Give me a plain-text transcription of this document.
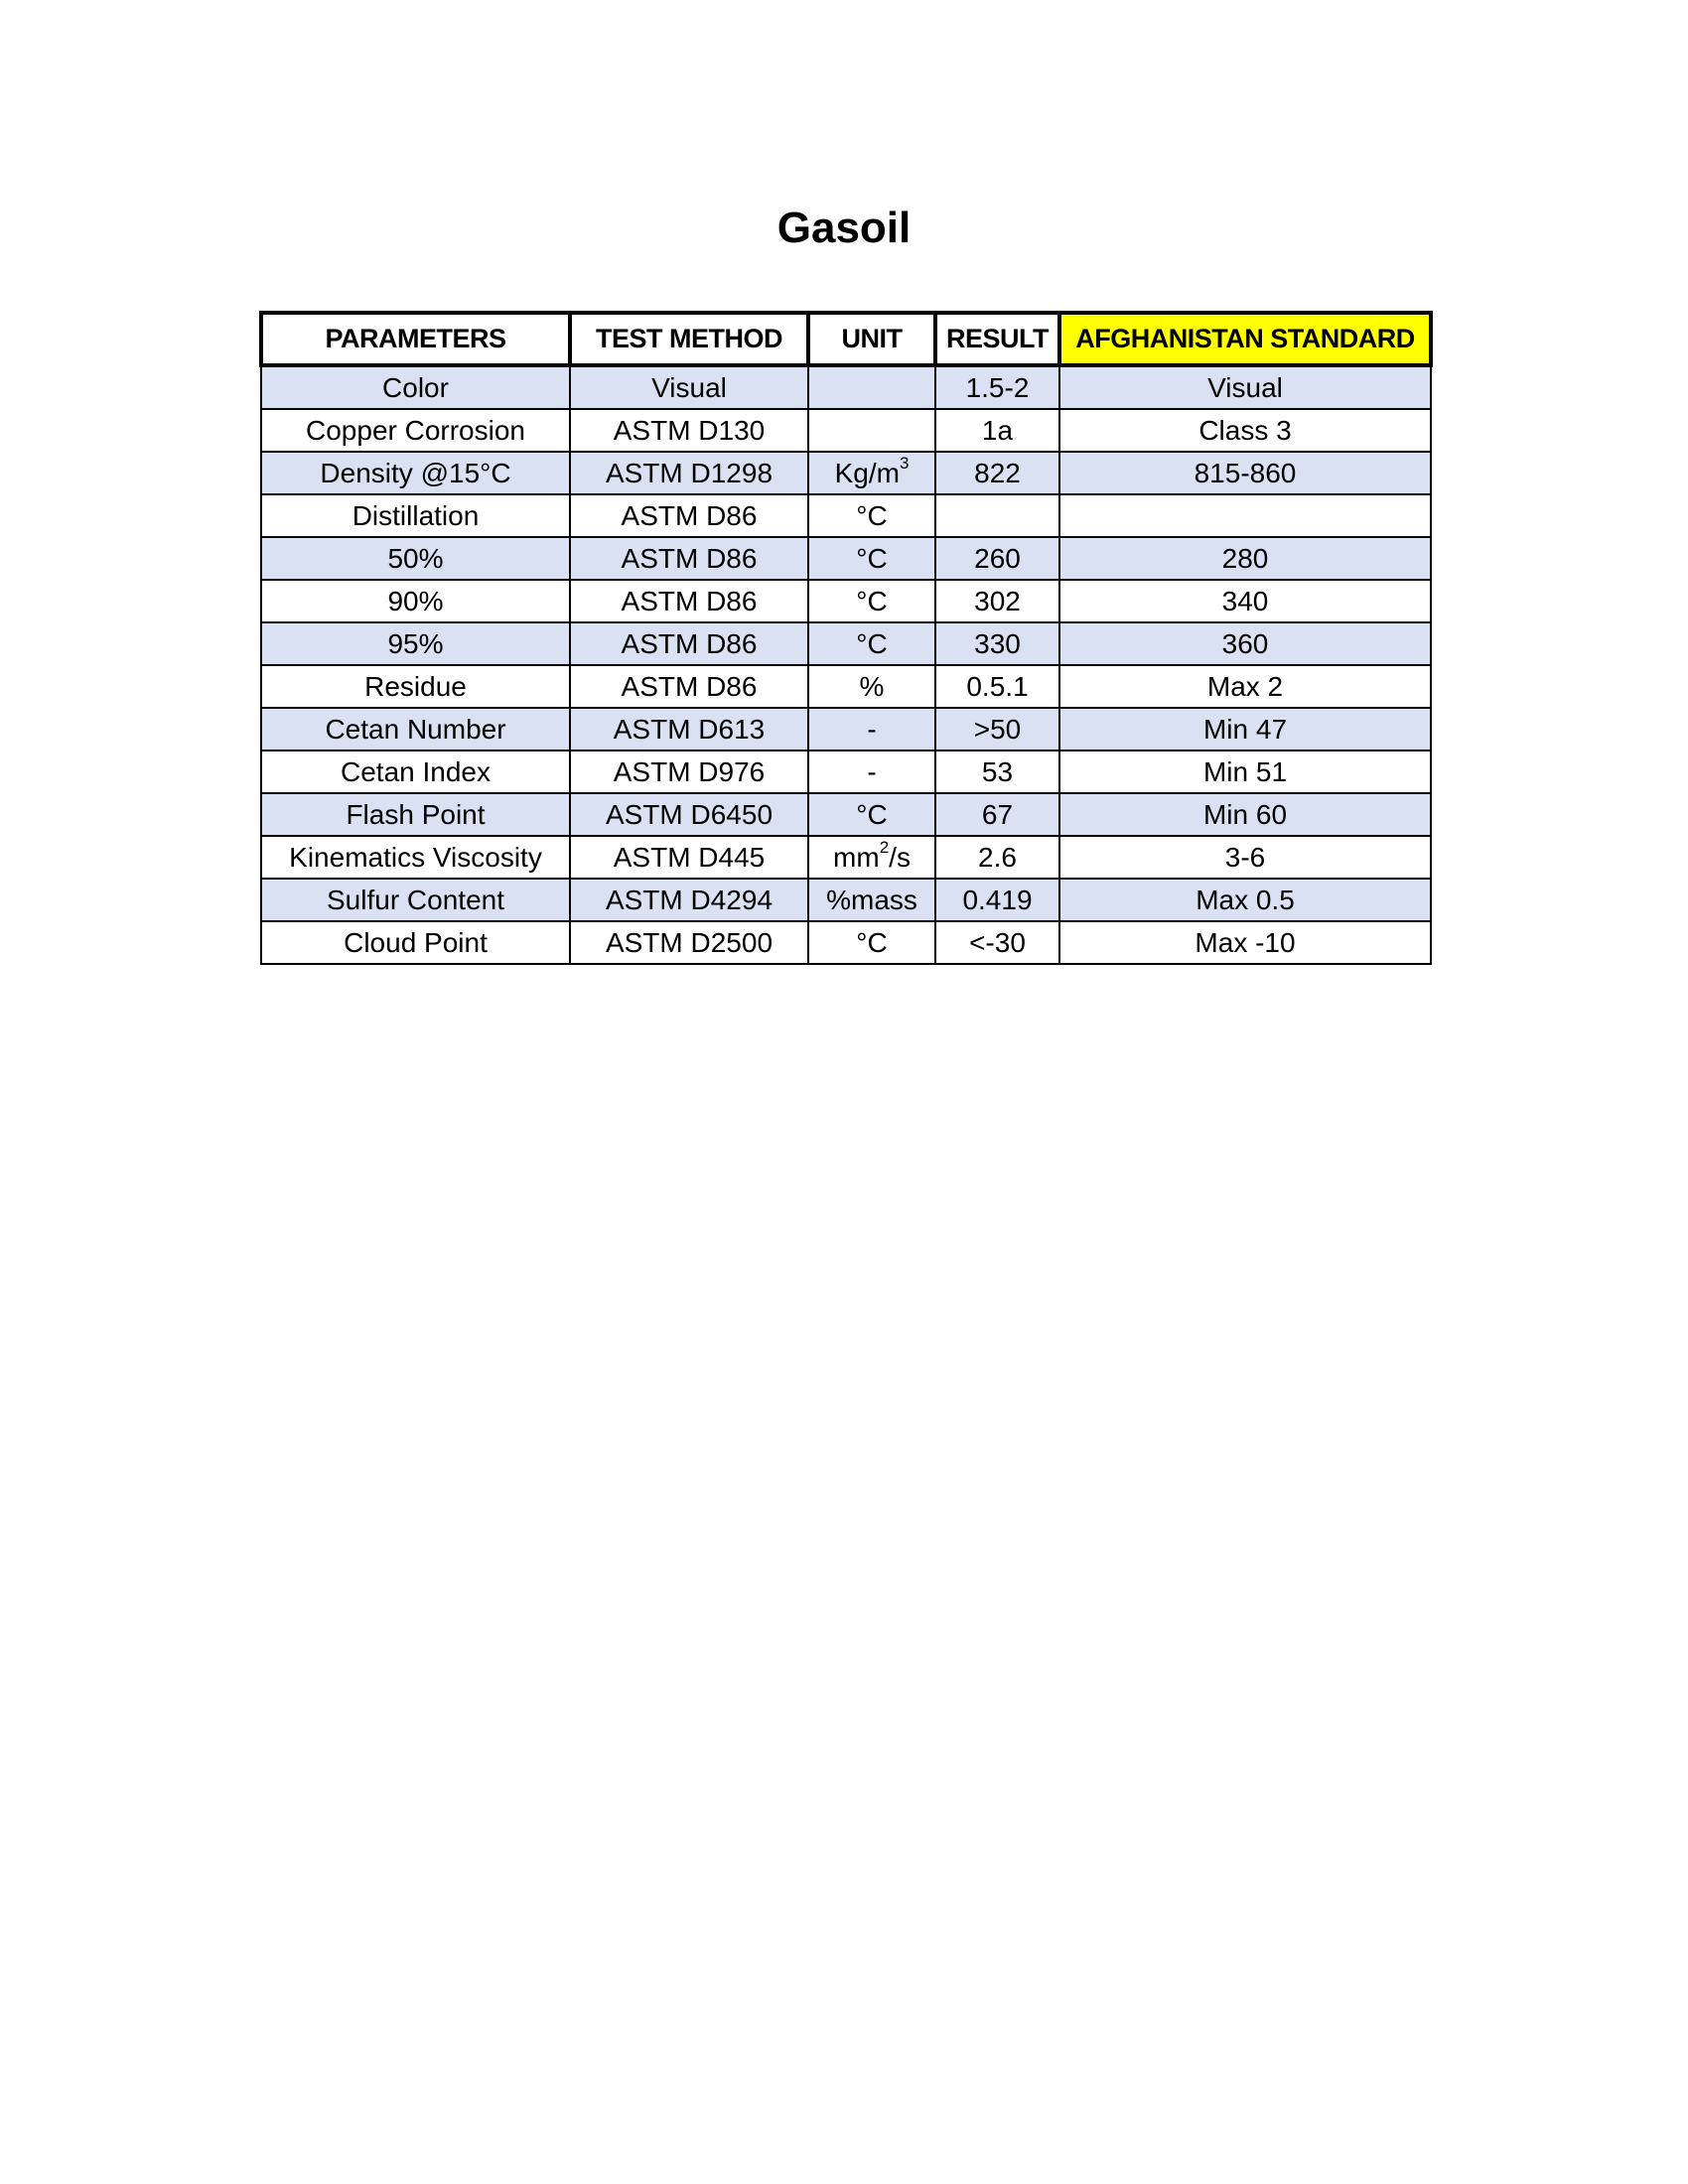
Gasoil
PARAMETERS	TEST METHOD	UNIT	RESULT	AFGHANISTAN STANDARD
Color	Visual		1.5-2	Visual
Copper Corrosion	ASTM D130		1a	Class 3
Density @15°C	ASTM D1298	$Kg/m^3$	822	815-860
Distillation	ASTM D86	°C		
50%	ASTM D86	°C	260	280
90%	ASTM D86	°C	302	340
95%	ASTM D86	°C	330	360
Residue	ASTM D86	%	0.5.1	Max 2
Cetan Number	ASTM D613	-	>50	Min 47
Cetan Index	ASTM D976	-	53	Min 51
Flash Point	ASTM D6450	°C	67	Min 60
Kinematics Viscosity	ASTM D445	$mm^2/s$	2.6	3-6
Sulfur Content	ASTM D4294	%mass	0.419	Max 0.5
Cloud Point	ASTM D2500	°C	<-30	Max -10
